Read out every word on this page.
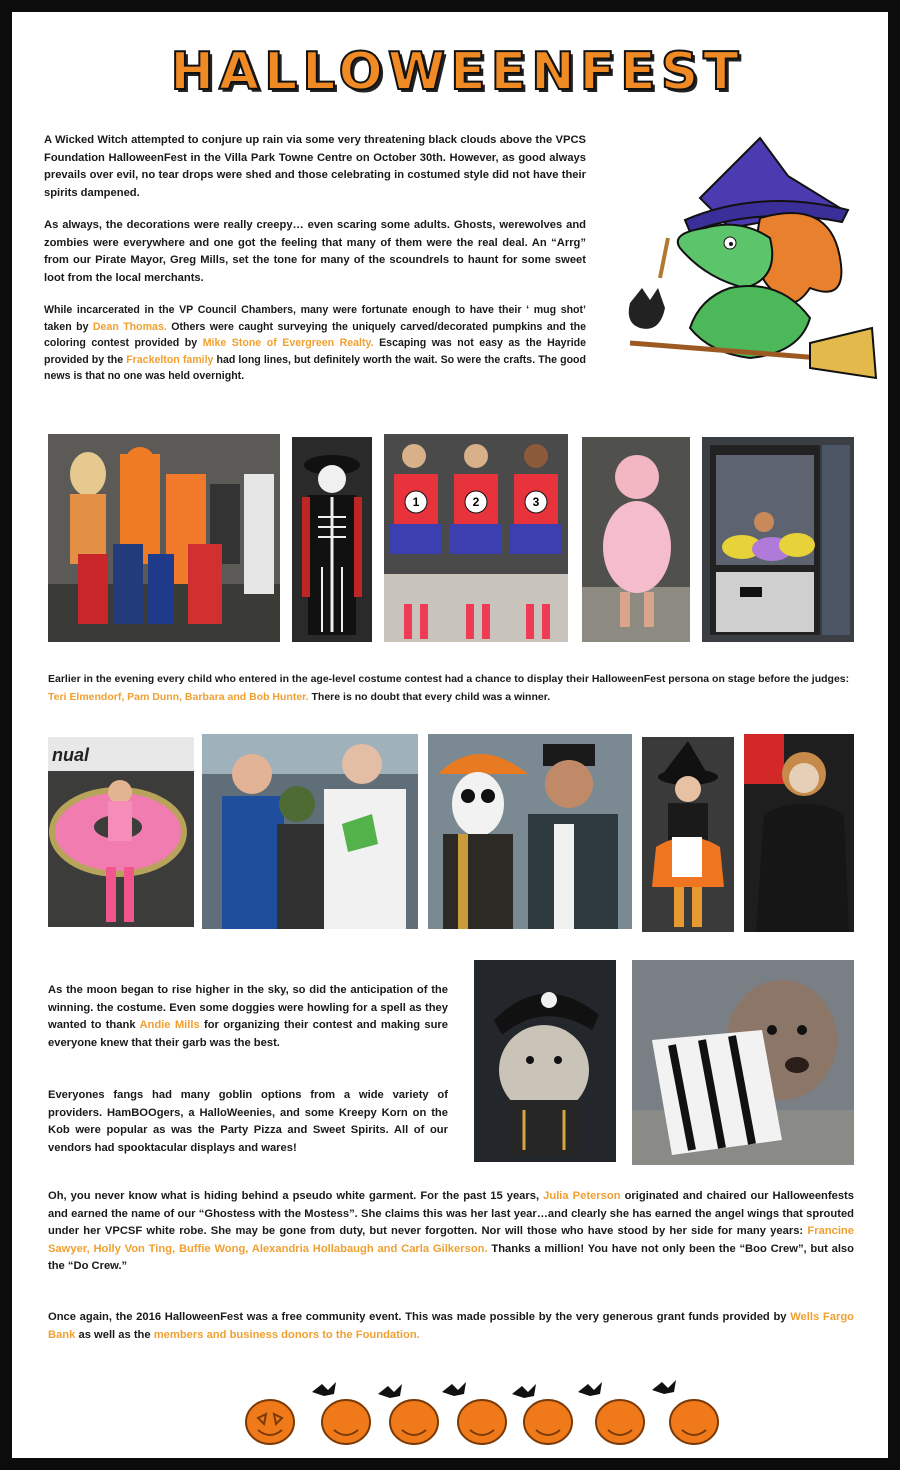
HALLOWEENFEST

A Wicked Witch attempted to conjure up rain via some very threatening black clouds above the VPCS Foundation HalloweenFest in the Villa Park Towne Centre on October 30th. However, as good always prevails over evil, no tear drops were shed and those celebrating in costumed style did not have their spirits dampened.

As always, the decorations were really creepy… even scaring some adults. Ghosts, werewolves and zombies were everywhere and one got the feeling that many of them were the real deal. An “Arrg” from our Pirate Mayor, Greg Mills, set the tone for many of the scoundrels to haunt for some sweet loot from the local merchants.

While incarcerated in the VP Council Chambers, many were fortunate enough to have their ‘ mug shot’ taken by Dean Thomas. Others were caught surveying the uniquely carved/decorated pumpkins and the coloring contest provided by Mike Stone of Evergreen Realty. Escaping was not easy as the Hayride provided by the Frackelton family had long lines, but definitely worth the wait. So were the crafts. The good news is that no one was held overnight.

1	2	3

Earlier in the evening every child who entered in the age-level costume contest had a chance to display their HalloweenFest persona on stage before the judges: Teri Elmendorf, Pam Dunn, Barbara and Bob Hunter. There is no doubt that every child was a winner.

nual

As the moon began to rise higher in the sky, so did the anticipation of the winning. the costume. Even some doggies were howling for a spell as they wanted to thank Andie Mills for organizing their contest and making sure everyone knew that their garb was the best.

Everyones fangs had many goblin options from a wide variety of providers. HamBOOgers, a HalloWeenies, and some Kreepy Korn on the Kob were popular as was the Party Pizza and Sweet Spirits. All of our vendors had spooktacular displays and wares!

Oh, you never know what is hiding behind a pseudo white garment. For the past 15 years, Julia Peterson originated and chaired our Halloweenfests and earned the name of our “Ghostess with the Mostess”. She claims this was her last year…and clearly she has earned the angel wings that sprouted under her VPCSF white robe. She may be gone from duty, but never forgotten. Nor will those who have stood by her side for many years: Francine Sawyer, Holly Von Ting, Buffie Wong, Alexandria Hollabaugh and Carla Gilkerson. Thanks a million! You have not only been the “Boo Crew”, but also the “Do Crew.”

Once again, the 2016 HalloweenFest was a free community event. This was made possible by the very generous grant funds provided by Wells Fargo Bank as well as the members and business donors to the Foundation.
